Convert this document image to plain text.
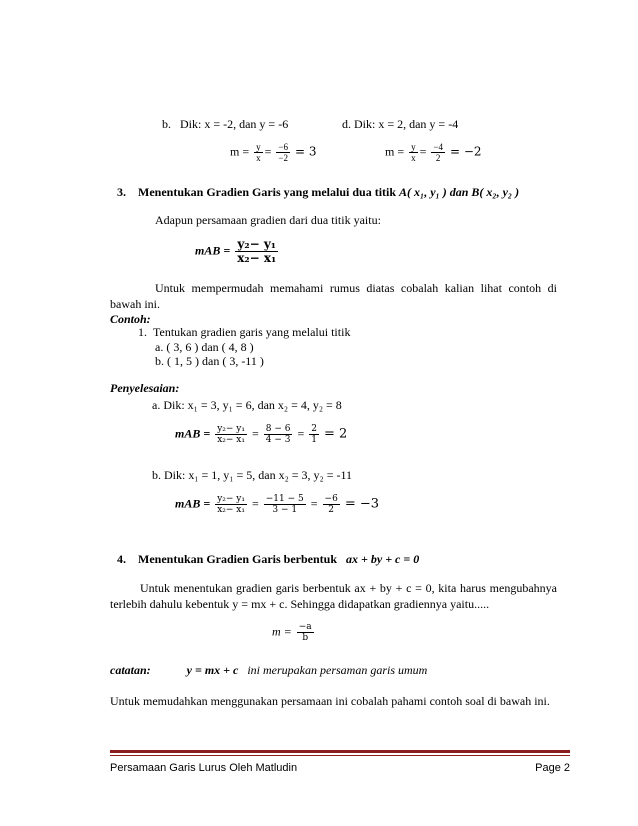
b. Dik: x = -2, dan y = -6	d. Dik: x = 2, dan y = -4
$m = \frac{y}{x} = \frac{-6}{-2} = 3$	$m = \frac{y}{x} = \frac{-4}{2} = -2$
3. Menentukan Gradien Garis yang melalui dua titik A( x₁, y₁ ) dan B( x₂, y₂ )
Adapun persamaan gradien dari dua titik yaitu:
mAB = $\frac{\text{y₂− y₁}}{\text{x₂− x₁}}$
Untuk mempermudah memahami rumus diatas cobalah kalian lihat contoh di bawah ini.
Contoh:
1. Tentukan gradien garis yang melalui titik
a. ( 3, 6 ) dan ( 4, 8 )
b. ( 1, 5 ) dan ( 3, -11 )
Penyelesaian:
a. Dik: x₁ = 3, y₁ = 6, dan x₂ = 4, y₂ = 8
mAB = $\frac{\text{y₂− y₁}}{\text{x₂− x₁}} = \frac{8 - 6}{4 - 3} = \frac{2}{1} = 2$
b. Dik: x₁ = 1, y₁ = 5, dan x₂ = 3, y₂ = -11
mAB = $\frac{\text{y₂− y₁}}{\text{x₂− x₁}} = \frac{-11 - 5}{3 - 1} = \frac{-6}{2} = -3$
4. Menentukan Gradien Garis berbentuk ax + by + c = 0
Untuk menentukan gradien garis berbentuk ax + by + c = 0, kita harus mengubahnya terlebih dahulu kebentuk y = mx + c. Sehingga didapatkan gradiennya yaitu.....
$m = \frac{-a}{b}$
catatan:	y = mx + c ini merupakan persaman garis umum
Untuk memudahkan menggunakan persamaan ini cobalah pahami contoh soal di bawah ini.
Persamaan Garis Lurus Oleh Matludin	Page 2
